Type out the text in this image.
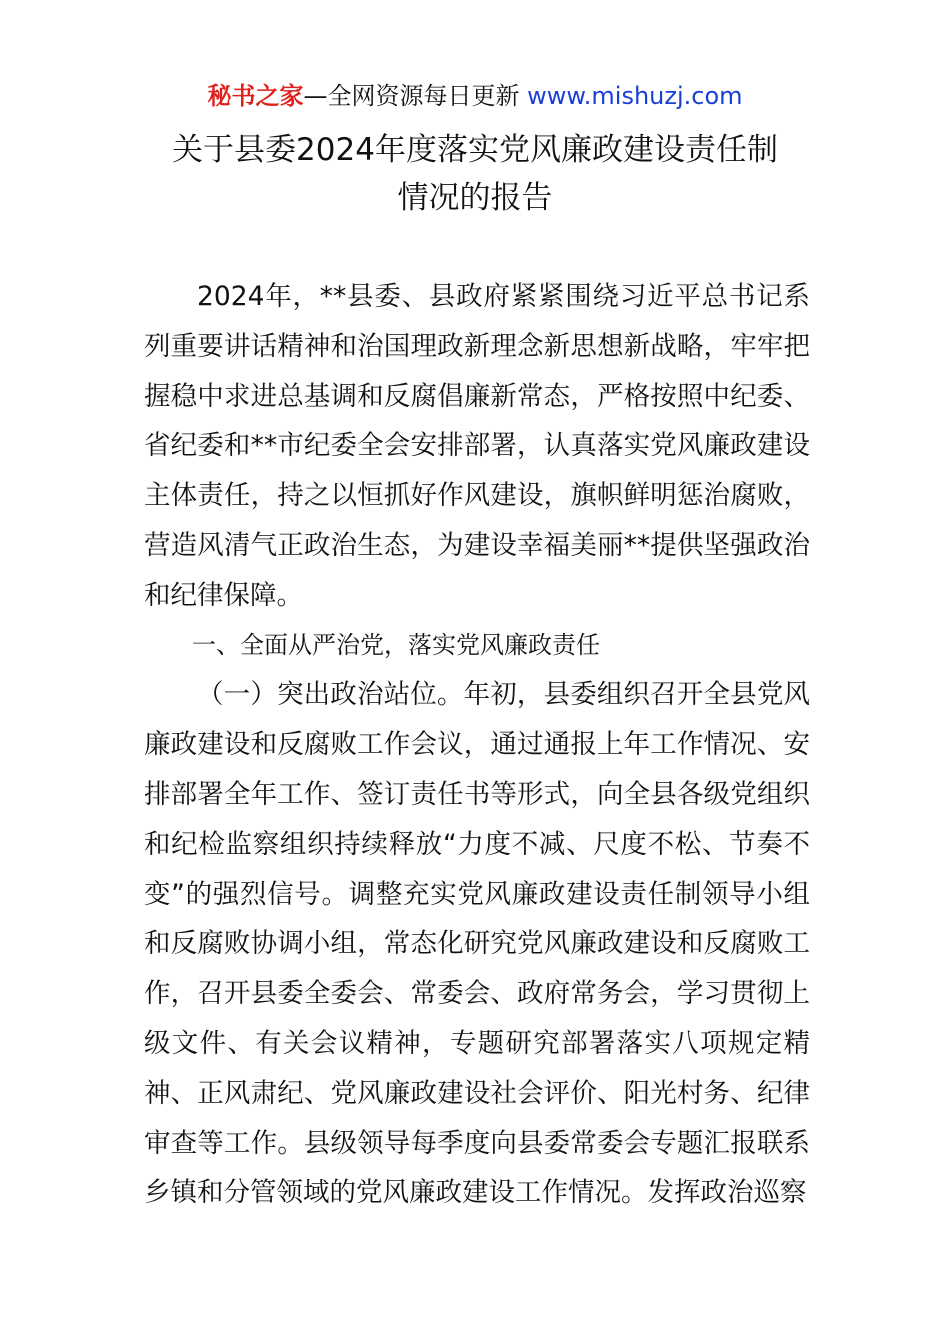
秘书之家—全网资源每日更新 www.mishuzj.com
关于县委2024年度落实党风廉政建设责任制
情况的报告

2024年，**县委、县政府紧紧围绕习近平总书记系列重要讲话精神和治国理政新理念新思想新战略，牢牢把握稳中求进总基调和反腐倡廉新常态，严格按照中纪委、省纪委和**市纪委全会安排部署，认真落实党风廉政建设主体责任，持之以恒抓好作风建设，旗帜鲜明惩治腐败，营造风清气正政治生态，为建设幸福美丽**提供坚强政治和纪律保障。

一、全面从严治党，落实党风廉政责任

（一）突出政治站位。年初，县委组织召开全县党风廉政建设和反腐败工作会议，通过通报上年工作情况、安排部署全年工作、签订责任书等形式，向全县各级党组织和纪检监察组织持续释放“力度不减、尺度不松、节奏不变”的强烈信号。调整充实党风廉政建设责任制领导小组和反腐败协调小组，常态化研究党风廉政建设和反腐败工作，召开县委全委会、常委会、政府常务会，学习贯彻上级文件、有关会议精神，专题研究部署落实八项规定精神、正风肃纪、党风廉政建设社会评价、阳光村务、纪律审查等工作。县级领导每季度向县委常委会专题汇报联系乡镇和分管领域的党风廉政建设工作情况。发挥政治巡察
